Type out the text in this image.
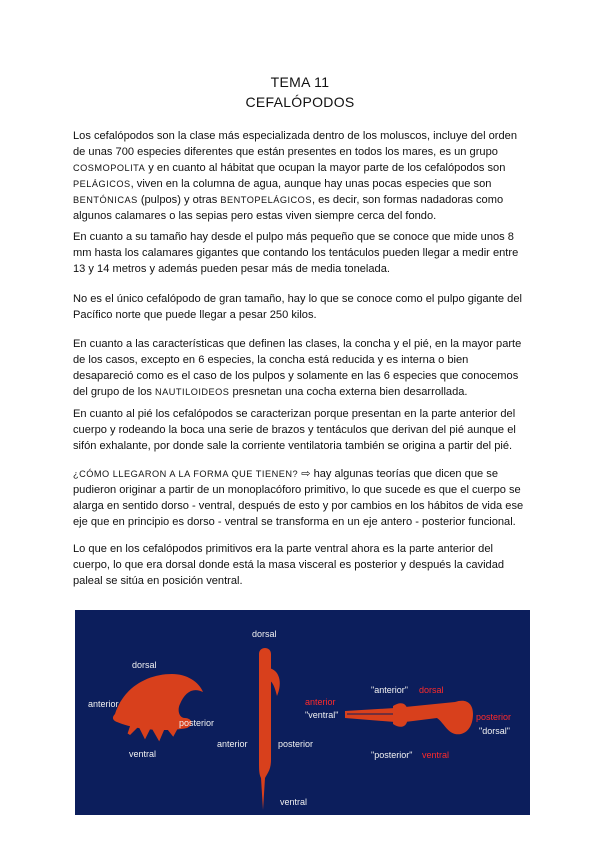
TEMA 11
CEFALÓPODOS
Los cefalópodos son la clase más especializada dentro de los moluscos, incluye del orden de unas 700 especies diferentes que están presentes en todos los mares, es un grupo COSMOPOLITA y en cuanto al hábitat que ocupan la mayor parte de los cefalópodos son PELÁGICOS, viven en la columna de agua, aunque hay unas pocas especies que son BENTÓNICAS (pulpos) y otras BENTOPELÁGICOS, es decir, son formas nadadoras como algunos calamares o las sepias pero estas viven siempre cerca del fondo.
En cuanto a su tamaño hay desde el pulpo más pequeño que se conoce que mide unos 8 mm hasta los calamares gigantes que contando los tentáculos pueden llegar a medir entre 13 y 14 metros y además pueden pesar más de media tonelada.
No es el único cefalópodo de gran tamaño, hay lo que se conoce como el pulpo gigante del Pacífico norte que puede llegar a pesar 250 kilos.
En cuanto a las características que definen las clases, la concha y el pié, en la mayor parte de los casos, excepto en 6 especies, la concha está reducida y es interna o bien desapareció como es el caso de los pulpos y solamente en las 6 especies que conocemos del grupo de los NAUTILOIDEOS presnetan una cocha externa bien desarrollada.
En cuanto al pié los cefalópodos se caracterizan porque presentan en la parte anterior del cuerpo y rodeando la boca una serie de brazos y tentáculos que derivan del pié aunque el sifón exhalante, por donde sale la corriente ventilatoria también se origina a partir del pié.
¿CÓMO LLEGARON A LA FORMA QUE TIENEN? ⇨ hay algunas teorías que dicen que se pudieron originar a partir de un monoplacóforo primitivo, lo que sucede es que el cuerpo se alarga en sentido dorso - ventral, después de esto y por cambios en los hábitos de vida ese eje que en principio es dorso - ventral se transforma en un eje antero - posterior funcional.
Lo que en los cefalópodos primitivos era la parte ventral ahora es la parte anterior del cuerpo, lo que era dorsal donde está la masa visceral es posterior y después la cavidad paleal se sitúa en posición ventral.
dorsal
anterior
posterior
ventral
dorsal
anterior	posterior
ventral
"anterior" dorsal
anterior
"ventral"	posterior
"dorsal"
"posterior" ventral
